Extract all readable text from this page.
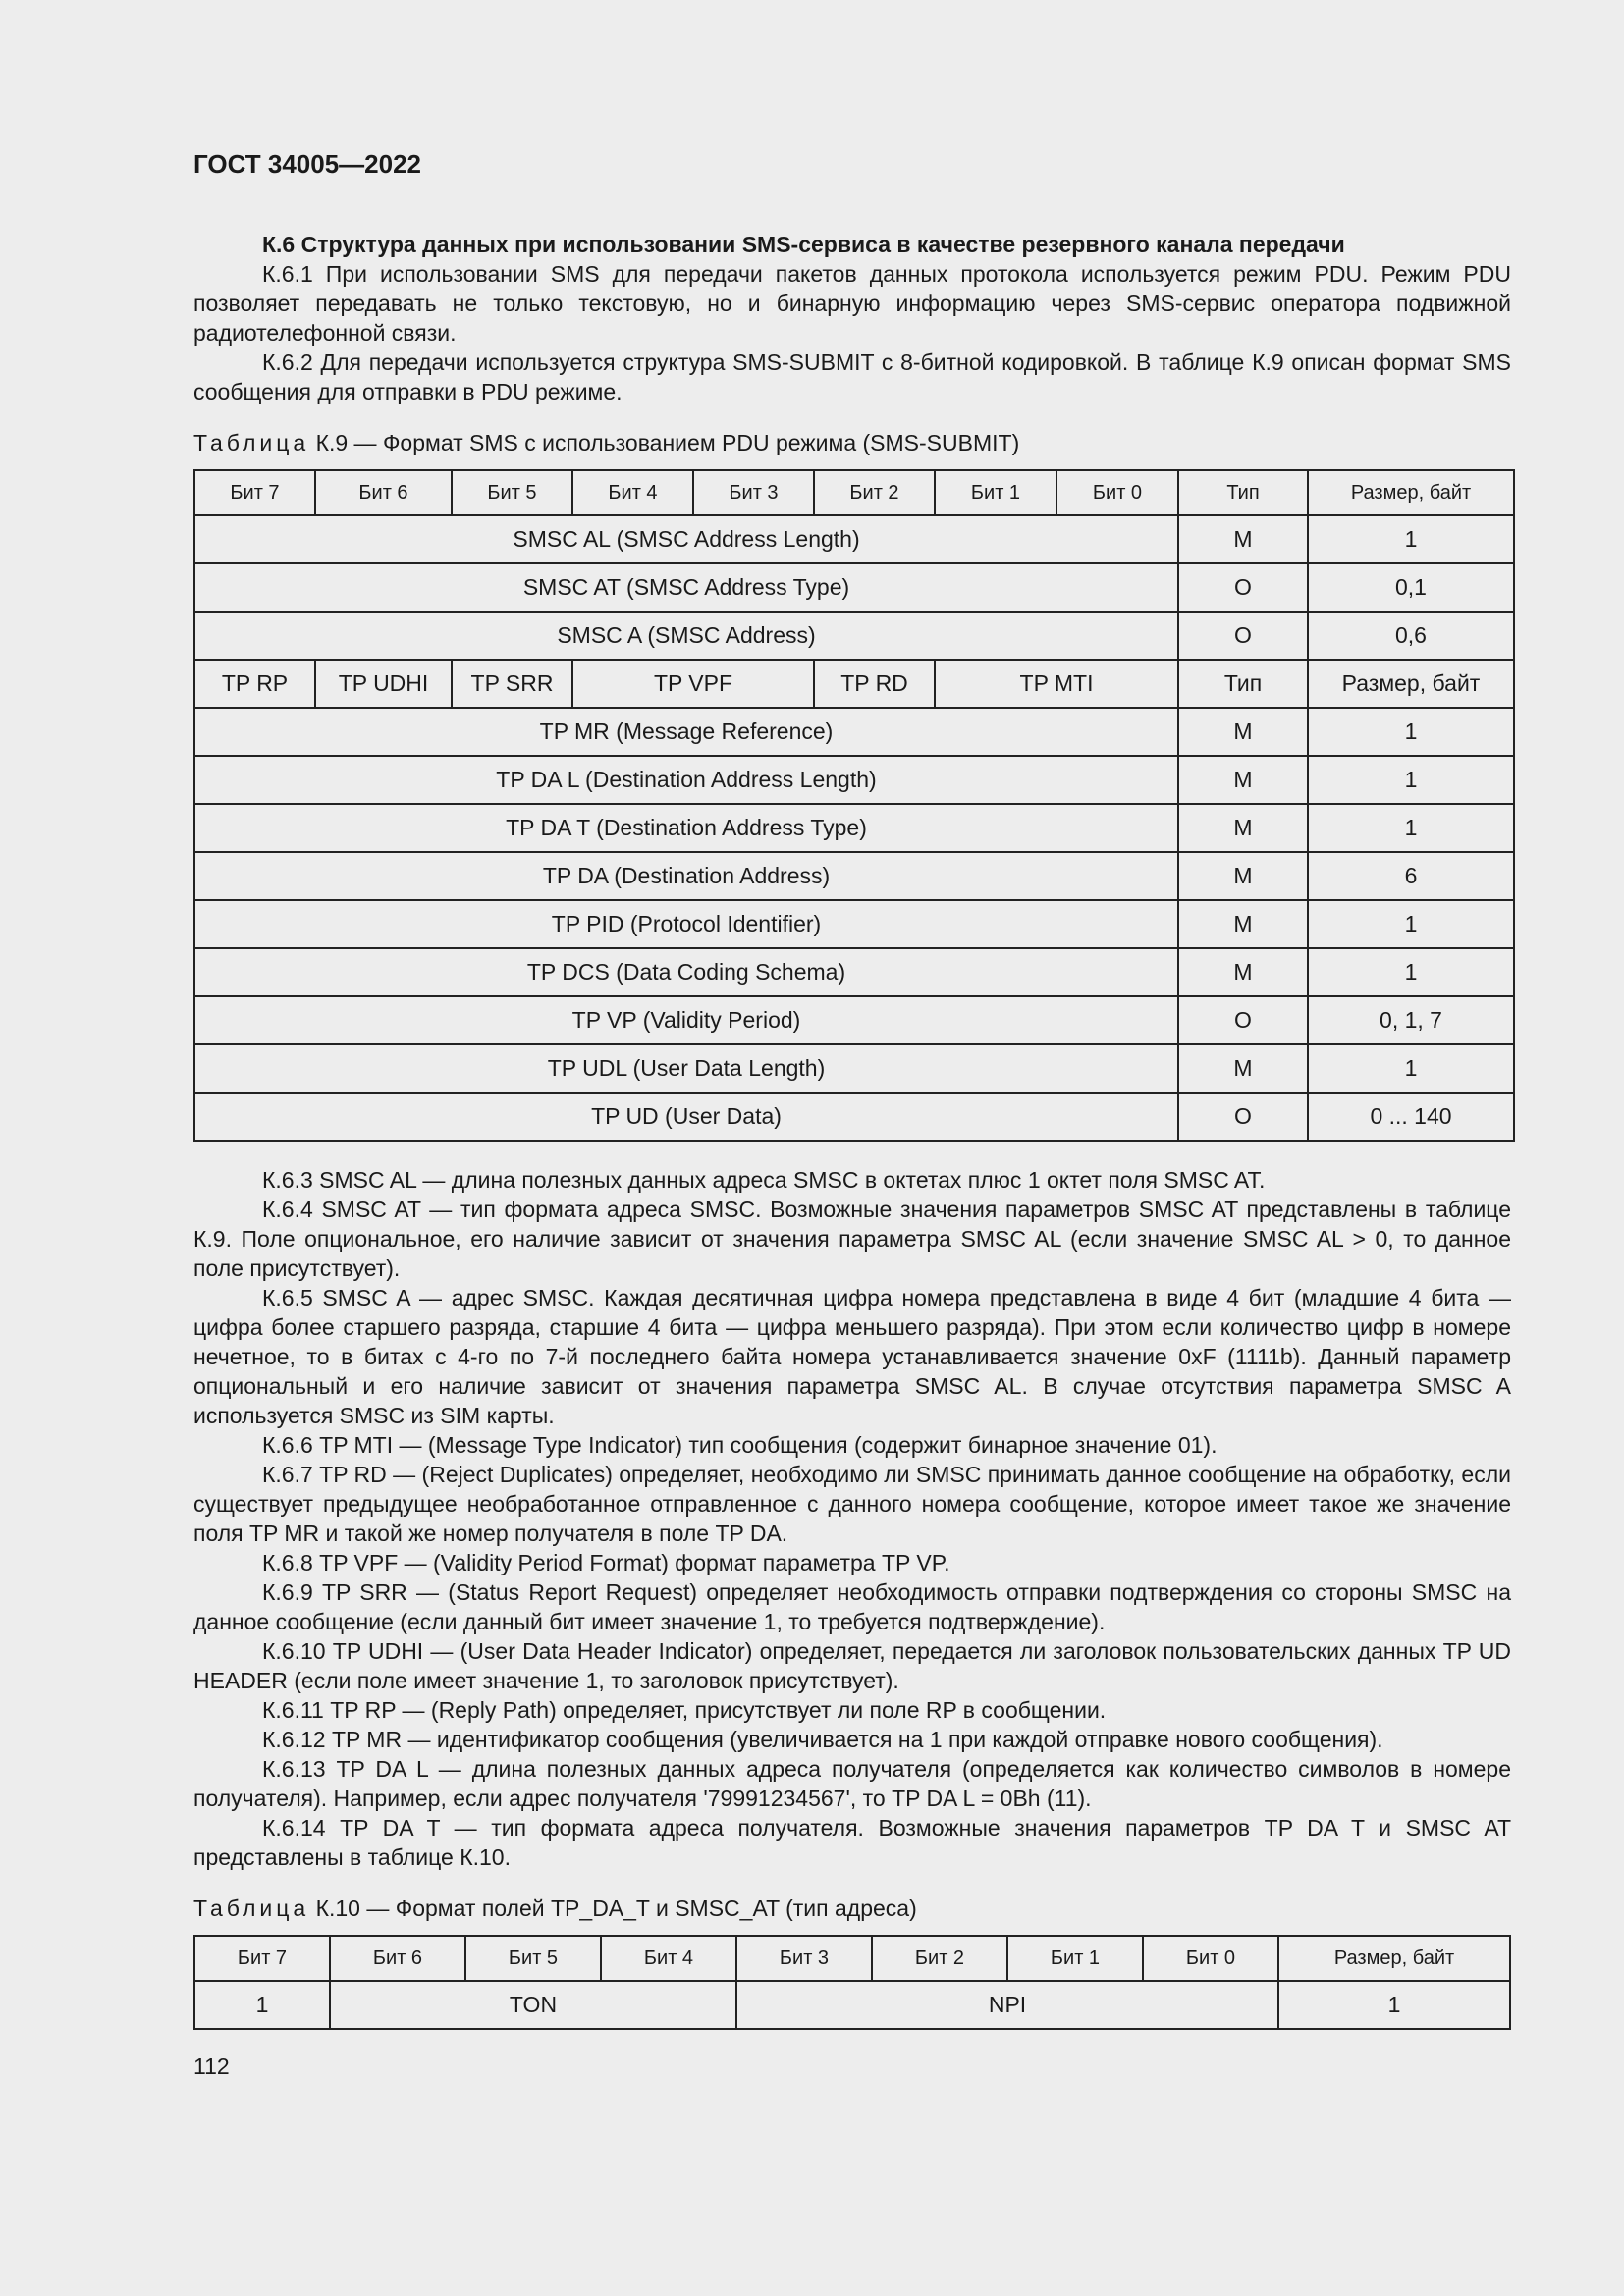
ГОСТ 34005—2022

К.6 Структура данных при использовании SMS-сервиса в качестве резервного канала передачи

К.6.1 При использовании SMS для передачи пакетов данных протокола используется режим PDU. Режим PDU позволяет передавать не только текстовую, но и бинарную информацию через SMS-сервис оператора подвижной радиотелефонной связи.

К.6.2 Для передачи используется структура SMS-SUBMIT с 8-битной кодировкой. В таблице К.9 описан формат SMS сообщения для отправки в PDU режиме.

Таблица К.9 — Формат SMS с использованием PDU режима (SMS-SUBMIT)

Бит 7	Бит 6	Бит 5	Бит 4	Бит 3	Бит 2	Бит 1	Бит 0	Тип	Размер, байт
SMSC AL (SMSC Address Length)								M	1
SMSC AT (SMSC Address Type)								O	0,1
SMSC A (SMSC Address)								O	0,6
TP RP	TP UDHI	TP SRR	TP VPF		TP RD	TP MTI		Тип	Размер, байт
TP MR (Message Reference)								M	1
TP DA L (Destination Address Length)								M	1
TP DA T (Destination Address Type)								M	1
TP DA (Destination Address)								M	6
TP PID (Protocol Identifier)								M	1
TP DCS (Data Coding Schema)								M	1
TP VP (Validity Period)								O	0, 1, 7
TP UDL (User Data Length)								M	1
TP UD (User Data)								O	0 ... 140

К.6.3 SMSC AL — длина полезных данных адреса SMSC в октетах плюс 1 октет поля SMSC AT.

К.6.4 SMSC AT — тип формата адреса SMSC. Возможные значения параметров SMSC AT представлены в таблице К.9. Поле опциональное, его наличие зависит от значения параметра SMSC AL (если значение SMSC AL > 0, то данное поле присутствует).

К.6.5 SMSC A — адрес SMSC. Каждая десятичная цифра номера представлена в виде 4 бит (младшие 4 бита — цифра более старшего разряда, старшие 4 бита — цифра меньшего разряда). При этом если количество цифр в номере нечетное, то в битах с 4-го по 7-й последнего байта номера устанавливается значение 0xF (1111b). Данный параметр опциональный и его наличие зависит от значения параметра SMSC AL. В случае отсутствия параметра SMSC A используется SMSC из SIM карты.

К.6.6 TP MTI — (Message Type Indicator) тип сообщения (содержит бинарное значение 01).

К.6.7 TP RD — (Reject Duplicates) определяет, необходимо ли SMSC принимать данное сообщение на обработку, если существует предыдущее необработанное отправленное с данного номера сообщение, которое имеет такое же значение поля TP MR и такой же номер получателя в поле TP DA.

К.6.8 TP VPF — (Validity Period Format) формат параметра TP VP.

К.6.9 TP SRR — (Status Report Request) определяет необходимость отправки подтверждения со стороны SMSC на данное сообщение (если данный бит имеет значение 1, то требуется подтверждение).

К.6.10 TP UDHI — (User Data Header Indicator) определяет, передается ли заголовок пользовательских данных TP UD HEADER (если поле имеет значение 1, то заголовок присутствует).

К.6.11 TP RP — (Reply Path) определяет, присутствует ли поле RP в сообщении.

К.6.12 TP MR — идентификатор сообщения (увеличивается на 1 при каждой отправке нового сообщения).

К.6.13 TP DA L — длина полезных данных адреса получателя (определяется как количество символов в номере получателя). Например, если адрес получателя '79991234567', то TP DA L = 0Bh (11).

К.6.14 TP DA T — тип формата адреса получателя. Возможные значения параметров TP DA T и SMSC AT представлены в таблице К.10.

Таблица К.10 — Формат полей TP_DA_T и SMSC_AT (тип адреса)

Бит 7	Бит 6	Бит 5	Бит 4	Бит 3	Бит 2	Бит 1	Бит 0	Размер, байт
1	TON			NPI				1
112
